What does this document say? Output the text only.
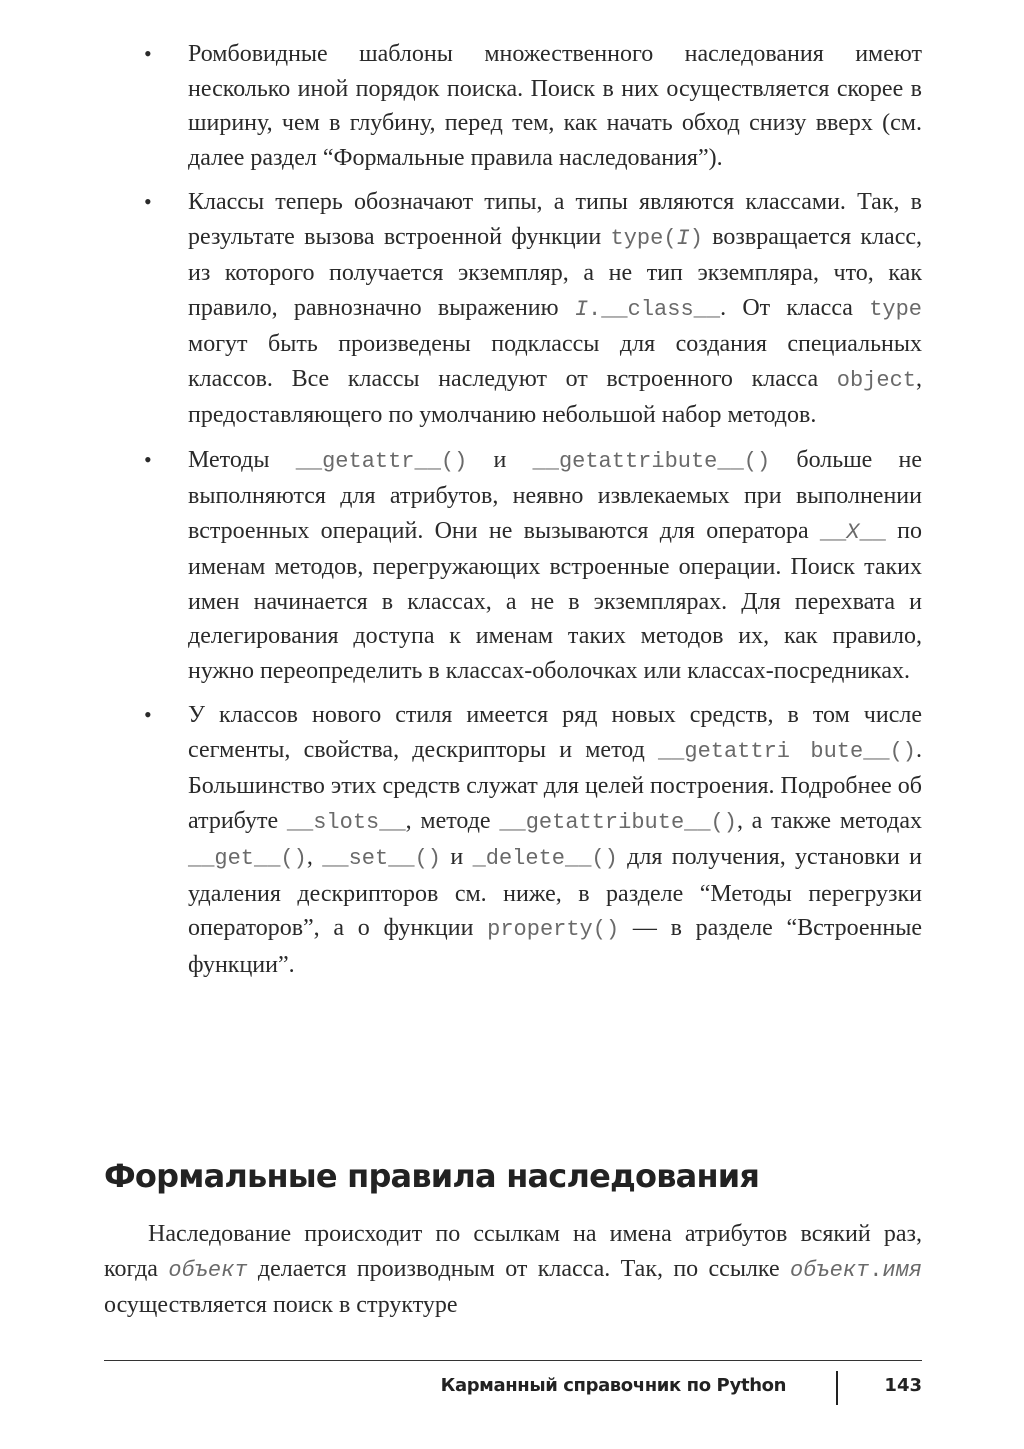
• Ромбовидные шаблоны множественного наследования имеют несколько иной порядок поиска. Поиск в них осуществляется скорее в ширину, чем в глубину, перед тем, как начать обход снизу вверх (см. далее раздел “Формальные правила наследования”).
• Классы теперь обозначают типы, а типы являются классами. Так, в результате вызова встроенной функции type(I) возвращается класс, из которого получается экземпляр, а не тип экземпляра, что, как правило, равнозначно выражению I.__class__. От класса type могут быть произведены подклассы для создания специальных классов. Все классы наследуют от встроенного класса object, предоставляющего по умолчанию небольшой набор методов.
• Методы __getattr__() и __getattribute__() больше не выполняются для атрибутов, неявно извлекаемых при выполнении встроенных операций. Они не вызываются для оператора __X__ по именам методов, перегружающих встроенные операции. Поиск таких имен начинается в классах, а не в экземплярах. Для перехвата и делегирования доступа к именам таких методов их, как правило, нужно переопределить в классах-оболочках или классах-посредниках.
• У классов нового стиля имеется ряд новых средств, в том числе сегменты, свойства, дескрипторы и метод __getattri bute__(). Большинство этих средств служат для целей построения. Подробнее об атрибуте __slots__, методе __getattribute__(), а также методах __get__(), __set__() и _delete__() для получения, установки и удаления дескрипторов см. ниже, в разделе “Методы перегрузки операторов”, а о функции property() — в разделе “Встроенные функции”.
Формальные правила наследования

Наследование происходит по ссылкам на имена атрибутов всякий раз, когда объект делается производным от класса. Так, по ссылке объект.имя осуществляется поиск в структуре

Карманный справочник по Python	143
